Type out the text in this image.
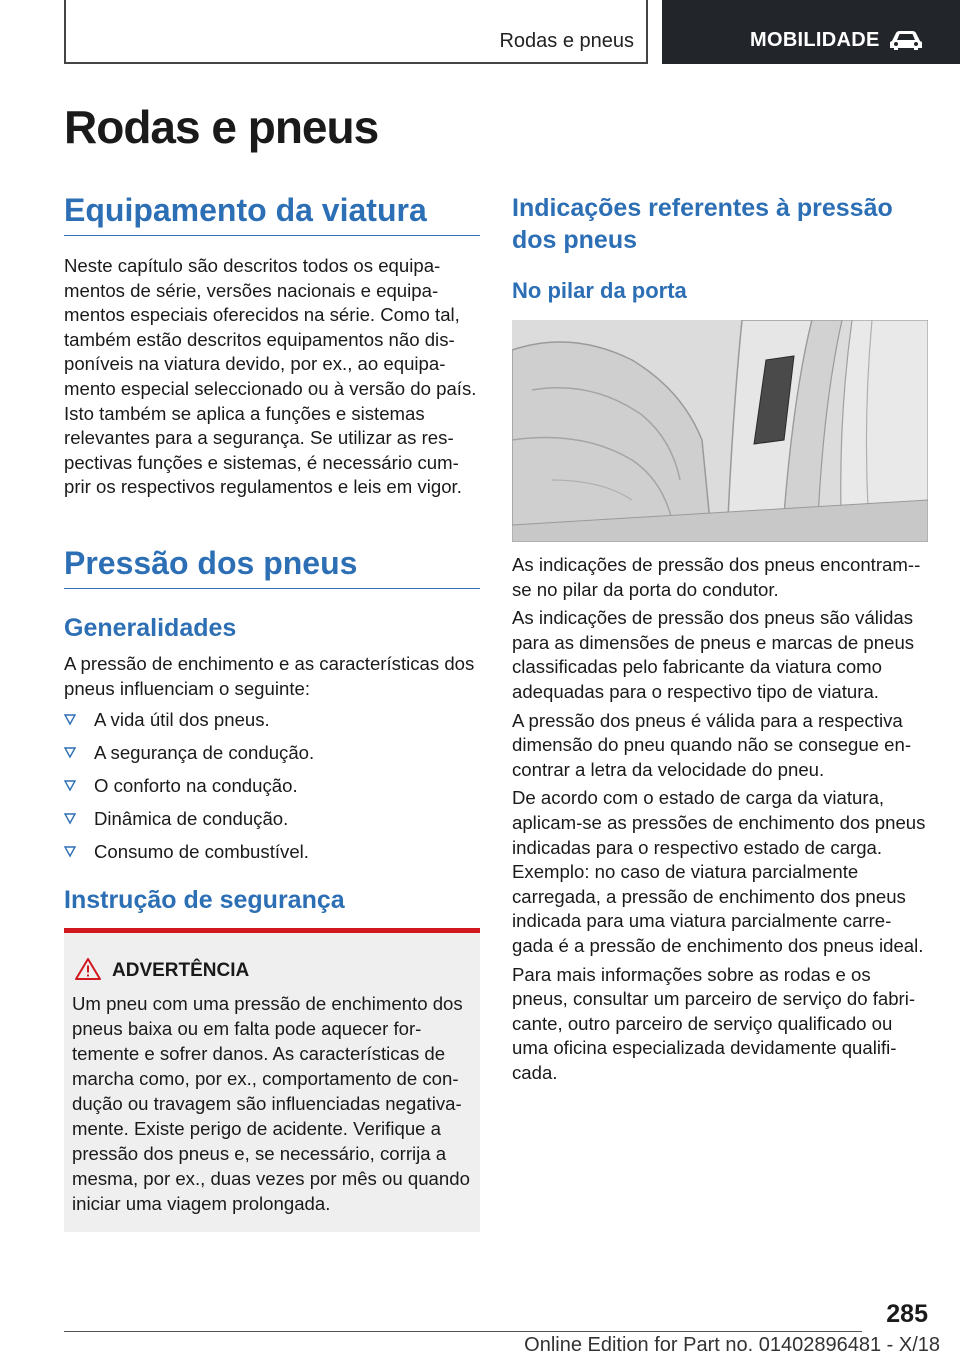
Rodas e pneus	MOBILIDADE
Rodas e pneus
Equipamento da viatura

Neste capítulo são descritos todos os equipa-mentos de série, versões nacionais e equipa-mentos especiais oferecidos na série. Como tal, também estão descritos equipamentos não dis-poníveis na viatura devido, por ex., ao equipa-mento especial seleccionado ou à versão do país. Isto também se aplica a funções e sistemas relevantes para a segurança. Se utilizar as res-pectivas funções e sistemas, é necessário cum-prir os respectivos regulamentos e leis em vigor.

Pressão dos pneus
Generalidades

A pressão de enchimento e as características dos pneus influenciam o seguinte:

A vida útil dos pneus.
A segurança de condução.
O conforto na condução.
Dinâmica de condução.
Consumo de combustível.
Instrução de segurança
ADVERTÊNCIA

Um pneu com uma pressão de enchimento dos pneus baixa ou em falta pode aquecer for-temente e sofrer danos. As características de marcha como, por ex., comportamento de con-dução ou travagem são influenciadas negativa-mente. Existe perigo de acidente. Verifique a pressão dos pneus e, se necessário, corrija a mesma, por ex., duas vezes por mês ou quando iniciar uma viagem prolongada.

Indicações referentes à pressão dos pneus
No pilar da porta

As indicações de pressão dos pneus encontram--se no pilar da porta do condutor.

As indicações de pressão dos pneus são válidas para as dimensões de pneus e marcas de pneus classificadas pelo fabricante da viatura como adequadas para o respectivo tipo de viatura.

A pressão dos pneus é válida para a respectiva dimensão do pneu quando não se consegue en-contrar a letra da velocidade do pneu.

De acordo com o estado de carga da viatura, aplicam-se as pressões de enchimento dos pneus indicadas para o respectivo estado de carga. Exemplo: no caso de viatura parcialmente carregada, a pressão de enchimento dos pneus indicada para uma viatura parcialmente carre-gada é a pressão de enchimento dos pneus ideal.

Para mais informações sobre as rodas e os pneus, consultar um parceiro de serviço do fabri-cante, outro parceiro de serviço qualificado ou uma oficina especializada devidamente qualifi-cada.

285
Online Edition for Part no. 01402896481 - X/18
